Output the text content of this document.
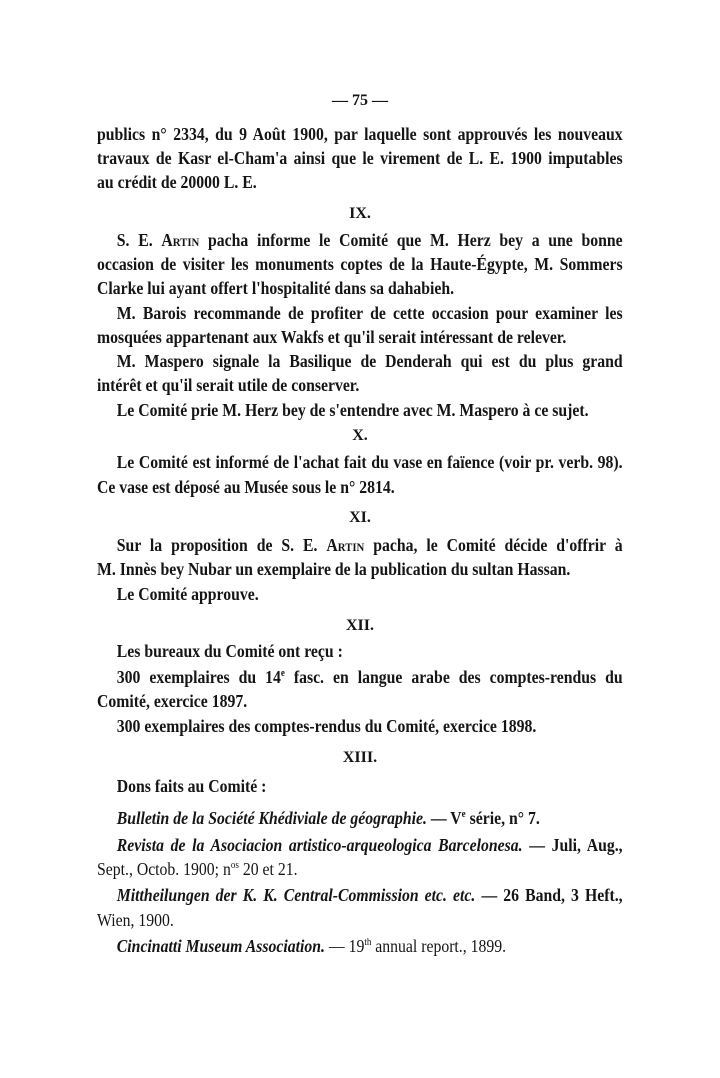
— 75 —
publics n° 2334, du 9 Août 1900, par laquelle sont approuvés les nouveaux
travaux de Kasr el-Cham'a ainsi que le virement de L. E. 1900 imputables
au crédit de 20000 L. E.
IX.
S. E. Artin pacha informe le Comité que M. Herz bey a une bonne
occasion de visiter les monuments coptes de la Haute-Égypte, M. Sommers
Clarke lui ayant offert l'hospitalité dans sa dahabieh.
M. Barois recommande de profiter de cette occasion pour examiner les
mosquées appartenant aux Wakfs et qu'il serait intéressant de relever.
M. Maspero signale la Basilique de Denderah qui est du plus grand
intérêt et qu'il serait utile de conserver.
Le Comité prie M. Herz bey de s'entendre avec M. Maspero à ce sujet.
X.
Le Comité est informé de l'achat fait du vase en faïence (voir pr. verb. 98).
Ce vase est déposé au Musée sous le n° 2814.
XI.
Sur la proposition de S. E. Artin pacha, le Comité décide d'offrir à
M. Innès bey Nubar un exemplaire de la publication du sultan Hassan.
Le Comité approuve.
XII.
Les bureaux du Comité ont reçu :
300 exemplaires du 14e fasc. en langue arabe des comptes-rendus du
Comité, exercice 1897.
300 exemplaires des comptes-rendus du Comité, exercice 1898.
XIII.
Dons faits au Comité :
Bulletin de la Société Khédiviale de géographie. — Ve série, n° 7.
Revista de la Asociacion artistico-arqueologica Barcelonesa. — Juli, Aug.,
Sept., Octob. 1900; $n^{os}$ 20 et 21.
Mittheilungen der K. K. Central-Commission etc. etc. — 26 Band, 3 Heft.,
Wien, 1900.
Cincinatti Museum Association. — 19th annual report., 1899.
